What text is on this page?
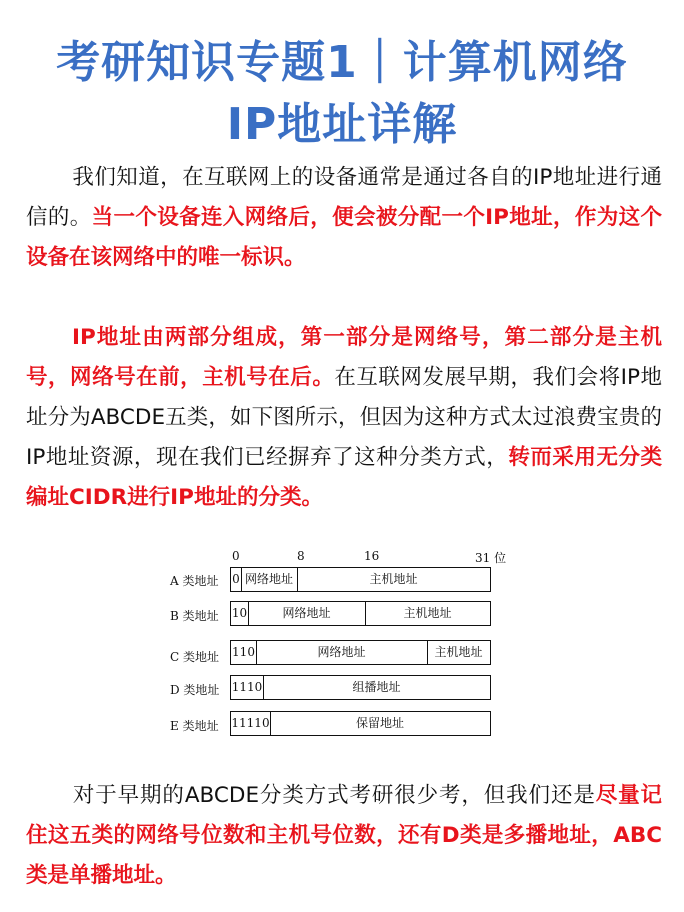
考研知识专题1｜计算机网络
IP地址详解
我们知道，在互联网上的设备通常是通过各自的IP地址进行通信的。当一个设备连入网络后，便会被分配一个IP地址，作为这个设备在该网络中的唯一标识。
IP地址由两部分组成，第一部分是网络号，第二部分是主机号，网络号在前，主机号在后。在互联网发展早期，我们会将IP地址分为ABCDE五类，如下图所示，但因为这种方式太过浪费宝贵的IP地址资源，现在我们已经摒弃了这种分类方式，转而采用无分类编址CIDR进行IP地址的分类。
0	8	16	31 位
A 类地址 0 网络地址	主机地址
B 类地址 10	网络地址	主机地址
C 类地址 110	网络地址	主机地址
D 类地址 1110	组播地址
E 类地址 11110	保留地址
对于早期的ABCDE分类方式考研很少考，但我们还是尽量记住这五类的网络号位数和主机号位数，还有D类是多播地址，ABC类是单播地址。
